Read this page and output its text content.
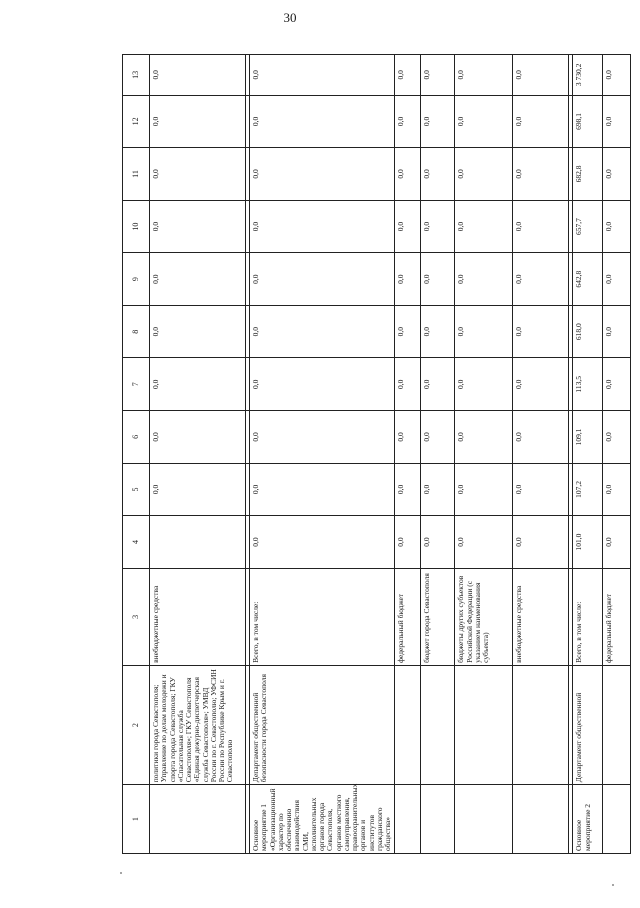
30
1	2	3	4	5	6	7	8	9	10	11	12	13
	политики города Севастополя; Управление по делам молодежи и спорта города Севастополя; ГКУ «Спасательная служба Севастополя»; ГКУ Севастополя «Единая дежурно-диспетчерская служба Севастополя»; УМВД России по г. Севастополю; УФСИН России по Республике Крым и г. Севастополю	внебюджетные средства		0,0	0,0	0,0	0,0	0,0	0,0	0,0	0,0	0,0

Основное мероприятие 1 «Организационный характер по обеспечению взаимодействия СМИ, исполнительных органов города Севастополя, органов местного самоуправления, правоохранительных органов и институтов гражданского общества»	Департамент общественной безопасности города Севастополя	Всего, в том числе:	0,0	0,0	0,0	0,0	0,0	0,0	0,0	0,0	0,0	0,0
		федеральный бюджет	0,0	0,0	0,0	0,0	0,0	0,0	0,0	0,0	0,0	0,0
		бюджет города Севастополя	0,0	0,0	0,0	0,0	0,0	0,0	0,0	0,0	0,0	0,0
		бюджеты других субъектов Российской Федерации (с указанием наименования субъекта)	0,0	0,0	0,0	0,0	0,0	0,0	0,0	0,0	0,0	0,0
		внебюджетные средства	0,0	0,0	0,0	0,0	0,0	0,0	0,0	0,0	0,0	0,0

Основное мероприятие 2	Департамент общественной	Всего, в том числе:	101,0	107,2	109,1	113,5	618,0	642,8	657,7	682,8	698,1	3 730,2
		федеральный бюджет	0,0	0,0	0,0	0,0	0,0	0,0	0,0	0,0	0,0	0,0
